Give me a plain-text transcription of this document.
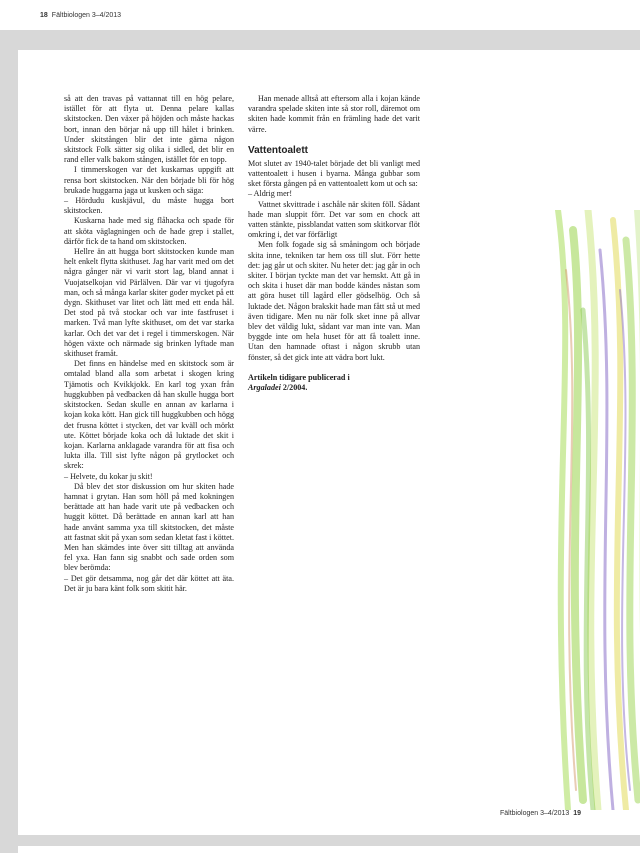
18 Fältbiologen 3–4/2013

så att den travas på vattannat till en hög pelare, istället för att flyta ut. Denna pelare kallas skitstocken. Den växer på höjden och måste hackas bort, innan den börjar nå upp till hålet i brinken. Under skitstången blir det inte gärna någon skitstock Folk sätter sig olika i sidled, det blir en rand eller valk bakom stången, istället för en topp.

I timmerskogen var det kuskarnas uppgift att rensa bort skitstocken. När den började bli för hög brukade huggarna jaga ut kusken och säga:

– Hördudu kuskjävul, du måste hugga bort skitstocken.

Kuskarna hade med sig flåhacka och spade för att sköta väglagningen och de hade grep i stallet, därför fick de ta hand om skitstocken.

Hellre än att hugga bort skitstocken kunde man helt enkelt flytta skithuset. Jag har varit med om det några gånger när vi varit stort lag, bland annat i Vuojatselkojan vid Pärlälven. Där var vi tjugofyra man, och så många karlar skiter goder mycket på ett dygn. Skithuset var litet och lätt med ett enda hål. Det stod på två stockar och var inte fastfruset i marken. Två man lyfte skithuset, om det var starka karlar. Och det var det i regel i timmerskogen. När högen växte och närmade sig brinken lyftade man skithuset framåt.

Det finns en händelse med en skitstock som är omtalad bland alla som arbetat i skogen kring Tjämotis och Kvikkjokk. En karl tog yxan från huggkubben på vedbacken då han skulle hugga bort skitstocken. Sedan skulle en annan av karlarna i kojan koka kött. Han gick till huggkubben och högg det frusna köttet i stycken, det var kväll och mörkt ute. Köttet började koka och då luktade det skit i kojan. Karlarna anklagade varandra för att fisa och lukta illa. Till sist lyfte någon på grytlocket och skrek:

– Helvete, du kokar ju skit!

Då blev det stor diskussion om hur skiten hade hamnat i grytan. Han som höll på med kokningen berättade att han hade varit ute på vedbacken och huggit köttet. Då berättade en annan karl att han hade använt samma yxa till skitstocken, det måste att fastnat skit på yxan som sedan kletat fast i köttet. Men han skämdes inte över sitt tilltag att använda fel yxa. Han fann sig snabbt och sade orden som blev berömda:

– Det gör detsamma, nog går det där köttet att äta. Det är ju bara känt folk som skitit här.

Han menade alltså att eftersom alla i kojan kände varandra spelade skiten inte så stor roll, däremot om skiten hade kommit från en främling hade det varit värre.

Vattentoalett

Mot slutet av 1940-talet började det bli vanligt med vattentoalett i husen i byarna. Många gubbar som sket första gången på en vattentoalett kom ut och sa:

– Aldrig mer!

Vattnet skvittrade i aschåle när skiten föll. Sådant hade man sluppit förr. Det var som en chock att vatten stänkte, pissblandat vatten som skitkorvar flöt omkring i, det var förfärligt

Men folk fogade sig så småningom och började skita inne, tekniken tar hem oss till slut. Förr hette det: jag går ut och skiter. Nu heter det: jag går in och skiter. I början tyckte man det var hemskt. Att gå in och skita i huset där man bodde kändes nästan som att göra huset till lagård eller gödselhög. Och så luktade det. Någon brakskit hade man fått stå ut med även tidigare. Men nu när folk sket inne på allvar blev det väldig lukt, sådant var man inte van. Man byggde inte om hela huset för att få toalett inne. Utan den hamnade oftast i någon skrubb utan fönster, så det gick inte att vädra bort lukt.

Artikeln tidigare publicerad i
Argaladei 2/2004.

Fältbiologen 3–4/2013 19
